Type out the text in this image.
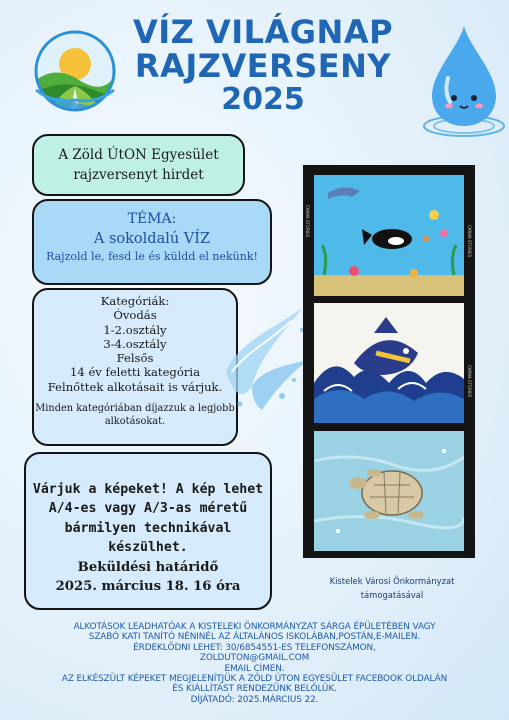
VÍZ VILÁGNAP
RAJZVERSENY
2025
A Zöld ÚtON Egyesület
rajzversenyt hirdet
TÉMA:
A sokoldalú VÍZ
Rajzold le, fesd le és küldd el nekünk!
Kategóriák:
Óvodás
1-2.osztály
3-4.osztály
Felsős
14 év feletti kategória
Felnőttek alkotásait is várjuk.
Minden kategóriában díjazzuk a legjobb
alkotásokat.
Várjuk a képeket! A kép lehet
A/4-es vagy A/3-as méretű
bármilyen technikával
készülhet.
Beküldési határidő
2025. március 18. 16 óra
CANVA STORIES
CANVA STORIES
CANVA STORIES
Kistelek Városi Önkormányzat
támogatásával
ALKOTÁSOK LEADHATÓAK A KISTELEKI ÖNKORMÁNYZAT SÁRGA ÉPÜLETÉBEN VAGY
SZABÓ KATI TANÍTÓ NÉNINÉL AZ ÁLTALÁNOS ISKOLÁBAN,POSTÁN,E-MAILEN.
ÉRDEKLŐDNI LEHET: 30/6854551-ES TELEFONSZÁMON,
ZOLDUTON@GMAIL.COM
EMAIL CÍMEN.
AZ ELKÉSZÜLT KÉPEKET MEGJELENÍTJÜK A ZÖLD ÚTON EGYESÜLET FACEBOOK OLDALÁN
ÉS KIÁLLÍTÁST RENDEZÜNK BELŐLÜK.
DÍJÁTADÓ: 2025.MÁRCIUS 22.
